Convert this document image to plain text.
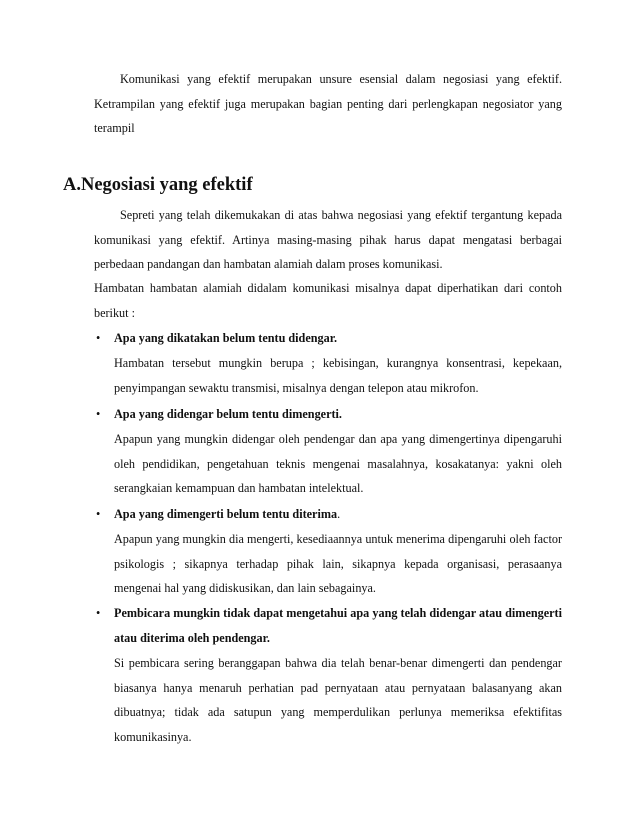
Komunikasi yang efektif merupakan unsure esensial dalam negosiasi yang efektif. Ketrampilan yang efektif juga merupakan bagian penting dari perlengkapan negosiator yang terampil

A.Negosiasi yang efektif

Sepreti yang telah dikemukakan di atas bahwa negosiasi yang efektif tergantung kepada komunikasi yang efektif. Artinya masing-masing pihak harus dapat mengatasi berbagai perbedaan pandangan dan hambatan alamiah dalam proses komunikasi.

Hambatan hambatan alamiah didalam komunikasi misalnya dapat diperhatikan dari contoh berikut :

• Apa yang dikatakan belum tentu didengar.

Hambatan tersebut mungkin berupa ; kebisingan, kurangnya konsentrasi, kepekaan, penyimpangan sewaktu transmisi, misalnya dengan telepon atau mikrofon.

• Apa yang didengar belum tentu dimengerti.

Apapun yang mungkin didengar oleh pendengar dan apa yang dimengertinya dipengaruhi oleh pendidikan, pengetahuan teknis mengenai masalahnya, kosakatanya: yakni oleh serangkaian kemampuan dan hambatan intelektual.

• Apa yang dimengerti belum tentu diterima.

Apapun yang mungkin dia mengerti, kesediaannya untuk menerima dipengaruhi oleh factor psikologis ; sikapnya terhadap pihak lain, sikapnya kepada organisasi, perasaanya mengenai hal yang didiskusikan, dan lain sebagainya.

• Pembicara mungkin tidak dapat mengetahui apa yang telah didengar atau dimengerti atau diterima oleh pendengar.

Si pembicara sering beranggapan bahwa dia telah benar-benar dimengerti dan pendengar biasanya hanya menaruh perhatian pad pernyataan atau pernyataan balasanyang akan dibuatnya; tidak ada satupun yang memperdulikan perlunya memeriksa efektifitas komunikasinya.
